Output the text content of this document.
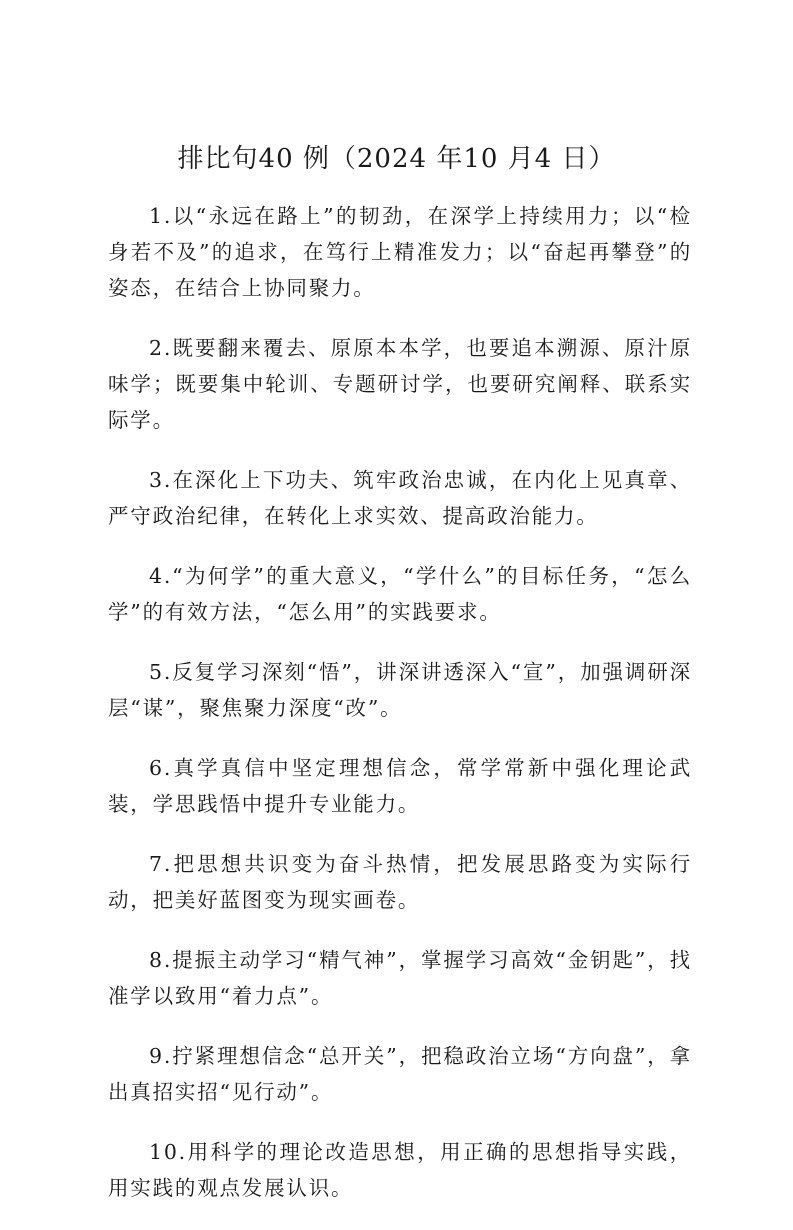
排比句40 例（2024 年10 月4 日）

1.以“永远在路上”的韧劲，在深学上持续用力；以“检身若不及”的追求，在笃行上精准发力；以“奋起再攀登”的姿态，在结合上协同聚力。

2.既要翻来覆去、原原本本学，也要追本溯源、原汁原味学；既要集中轮训、专题研讨学，也要研究阐释、联系实际学。

3.在深化上下功夫、筑牢政治忠诚，在内化上见真章、严守政治纪律，在转化上求实效、提高政治能力。

4.“为何学”的重大意义，“学什么”的目标任务，“怎么学”的有效方法，“怎么用”的实践要求。

5.反复学习深刻“悟”，讲深讲透深入“宣”，加强调研深层“谋”，聚焦聚力深度“改”。

6.真学真信中坚定理想信念，常学常新中强化理论武装，学思践悟中提升专业能力。

7.把思想共识变为奋斗热情，把发展思路变为实际行动，把美好蓝图变为现实画卷。

8.提振主动学习“精气神”，掌握学习高效“金钥匙”，找准学以致用“着力点”。

9.拧紧理想信念“总开关”，把稳政治立场“方向盘”，拿出真招实招“见行动”。

10.用科学的理论改造思想，用正确的思想指导实践，用实践的观点发展认识。
